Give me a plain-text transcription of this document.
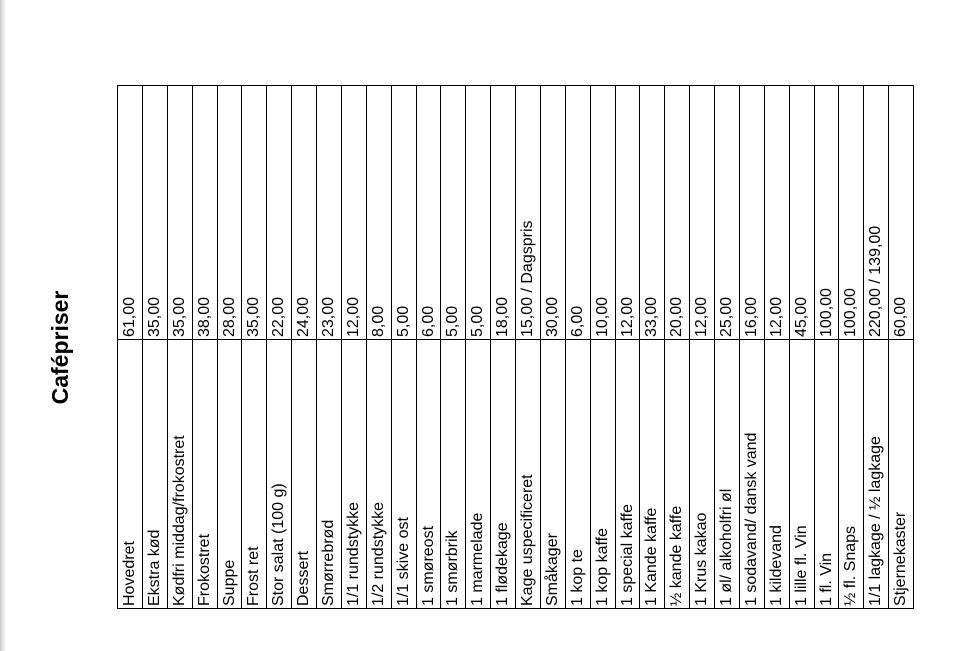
Cafépriser	61,00
Hovedret
35,00
Ekstra kød
35,00
Kødfri middag/frokostret
38,00
Frokostret
28,00
Suppe
35,00
Frost ret
22,00
Stor salat (100 g)
24,00
Dessert
23,00
Smørrebrød
12,00
1/1 rundstykke
8,00
1/2 rundstykke
5,00
1/1 skive ost
6,00
1 smøreost
5,00
1 smørbrik
5,00
1 marmelade
18,00
1 flødekage
15,00 / Dagspris
Kage uspecificeret
30,00
Småkager
6,00
1 kop te
10,00
1 kop kaffe
12,00
1 special kaffe
33,00
1 Kande kaffe
20,00
½ kande kaffe
12,00
1 Krus kakao
25,00
1 øl/ alkoholfri øl
16,00
1 sodavand/ dansk vand
12,00
1 kildevand
45,00
1 lille fl. Vin
100,00
1 fl. Vin
100,00
½ fl. Snaps
220,00 / 139,00
1/1 lagkage / ½ lagkage
60,00
Stjernekaster
